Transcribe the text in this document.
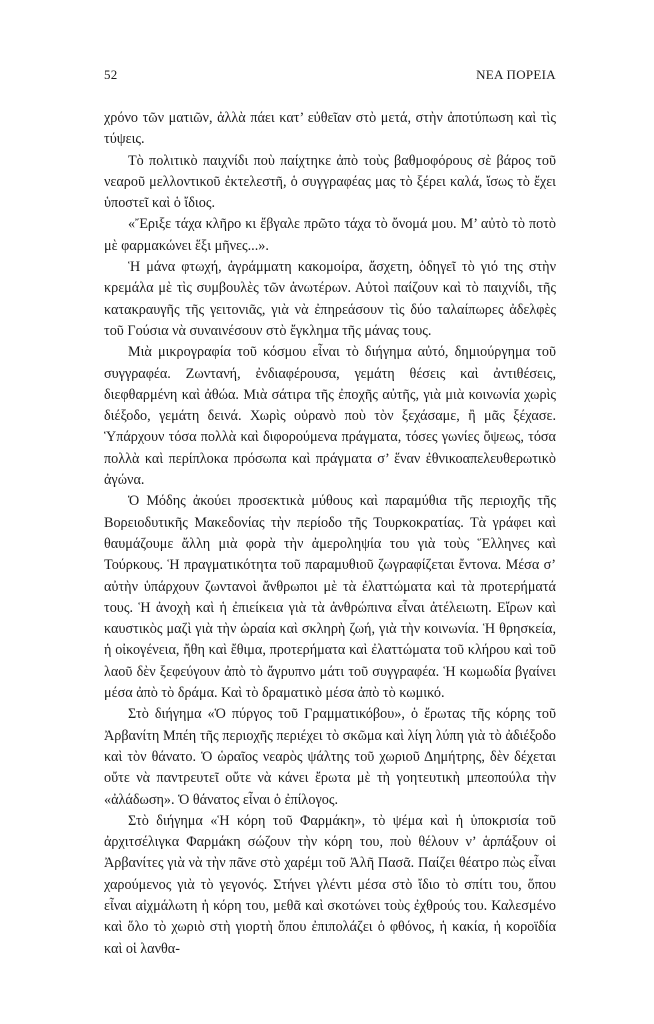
52	ΝΕΑ ΠΟΡΕΙΑ

χρόνο τῶν ματιῶν, ἀλλὰ πάει κατ’ εὐθεῖαν στὸ μετά, στὴν ἀποτύπωση καὶ τὶς τύψεις.

Τὸ πολιτικὸ παιχνίδι ποὺ παίχτηκε ἀπὸ τοὺς βαθμοφόρους σὲ βάρος τοῦ νεαροῦ μελλοντικοῦ ἐκτελεστῆ, ὁ συγγραφέας μας τὸ ξέρει καλά, ἴσως τὸ ἔχει ὑποστεῖ καὶ ὁ ἴδιος.

«Ἔριξε τάχα κλῆρο κι ἔβγαλε πρῶτο τάχα τὸ ὄνομά μου. Μ’ αὐτὸ τὸ ποτὸ μὲ φαρμακώνει ἕξι μῆνες...».

Ἡ μάνα φτωχή, ἀγράμματη κακομοίρα, ἄσχετη, ὁδηγεῖ τὸ γιό της στὴν κρεμάλα μὲ τὶς συμβουλὲς τῶν ἀνωτέρων. Αὐτοὶ παίζουν καὶ τὸ παιχνίδι, τῆς κατακραυγῆς τῆς γειτονιᾶς, γιὰ νὰ ἐπηρεάσουν τὶς δύο ταλαίπωρες ἀδελφὲς τοῦ Γούσια νὰ συναινέσουν στὸ ἔγκλημα τῆς μάνας τους.

Μιὰ μικρογραφία τοῦ κόσμου εἶναι τὸ διήγημα αὐτό, δημιούργημα τοῦ συγγραφέα. Ζωντανή, ἐνδιαφέρουσα, γεμάτη θέσεις καὶ ἀντιθέσεις, διεφθαρμένη καὶ ἀθώα. Μιὰ σάτιρα τῆς ἐποχῆς αὐτῆς, γιὰ μιὰ κοινωνία χωρὶς διέξοδο, γεμάτη δεινά. Χωρὶς οὐρανὸ ποὺ τὸν ξεχάσαμε, ἢ μᾶς ξέχασε. Ὑπάρχουν τόσα πολλὰ καὶ διφορούμενα πράγματα, τόσες γωνίες ὄψεως, τόσα πολλὰ καὶ περίπλοκα πρόσωπα καὶ πράγματα σ’ ἕναν ἐθνικοαπελευθερωτικὸ ἀγώνα.

Ὁ Μόδης ἀκούει προσεκτικὰ μύθους καὶ παραμύθια τῆς περιοχῆς τῆς Βορειοδυτικῆς Μακεδονίας τὴν περίοδο τῆς Τουρκοκρατίας. Τὰ γράφει καὶ θαυμάζουμε ἄλλη μιὰ φορὰ τὴν ἀμεροληψία του γιὰ τοὺς Ἕλληνες καὶ Τούρκους. Ἡ πραγματικότητα τοῦ παραμυθιοῦ ζωγραφίζεται ἔντονα. Μέσα σ’ αὐτὴν ὑπάρχουν ζωντανοὶ ἄνθρωποι μὲ τὰ ἐλαττώματα καὶ τὰ προτερήματά τους. Ἡ ἀνοχὴ καὶ ἡ ἐπιείκεια γιὰ τὰ ἀνθρώπινα εἶναι ἀτέλειωτη. Εἴρων καὶ καυστικὸς μαζὶ γιὰ τὴν ὡραία καὶ σκληρὴ ζωή, γιὰ τὴν κοινωνία. Ἡ θρησκεία, ἡ οἰκογένεια, ἤθη καὶ ἔθιμα, προτερήματα καὶ ἐλαττώματα τοῦ κλήρου καὶ τοῦ λαοῦ δὲν ξεφεύγουν ἀπὸ τὸ ἄγρυπνο μάτι τοῦ συγγραφέα. Ἡ κωμωδία βγαίνει μέσα ἀπὸ τὸ δράμα. Καὶ τὸ δραματικὸ μέσα ἀπὸ τὸ κωμικό.

Στὸ διήγημα «Ὁ πύργος τοῦ Γραμματικόβου», ὁ ἔρωτας τῆς κόρης τοῦ Ἀρβανίτη Μπέη τῆς περιοχῆς περιέχει τὸ σκῶμα καὶ λίγη λύπη γιὰ τὸ ἀδιέξοδο καὶ τὸν θάνατο. Ὁ ὡραῖος νεαρὸς ψάλτης τοῦ χωριοῦ Δημήτρης, δὲν δέχεται οὔτε νὰ παντρευτεῖ οὔτε νὰ κάνει ἔρωτα μὲ τὴ γοητευτικὴ μπεοπούλα τὴν «ἀλάδωση». Ὁ θάνατος εἶναι ὁ ἐπίλογος.

Στὸ διήγημα «Ἡ κόρη τοῦ Φαρμάκη», τὸ ψέμα καὶ ἡ ὑποκρισία τοῦ ἀρχιτσέλιγκα Φαρμάκη σώζουν τὴν κόρη του, ποὺ θέλουν ν’ ἁρπάξουν οἱ Ἀρβανίτες γιὰ νὰ τὴν πᾶνε στὸ χαρέμι τοῦ Ἀλῆ Πασᾶ. Παίζει θέατρο πὼς εἶναι χαρούμενος γιὰ τὸ γεγονός. Στήνει γλέντι μέσα στὸ ἴδιο τὸ σπίτι του, ὅπου εἶναι αἰχμάλωτη ἡ κόρη του, μεθᾶ καὶ σκοτώνει τοὺς ἐχθρούς του. Καλεσμένο καὶ ὅλο τὸ χωριὸ στὴ γιορτὴ ὅπου ἐπιπολάζει ὁ φθόνος, ἡ κακία, ἡ κοροϊδία καὶ οἱ λανθα-
